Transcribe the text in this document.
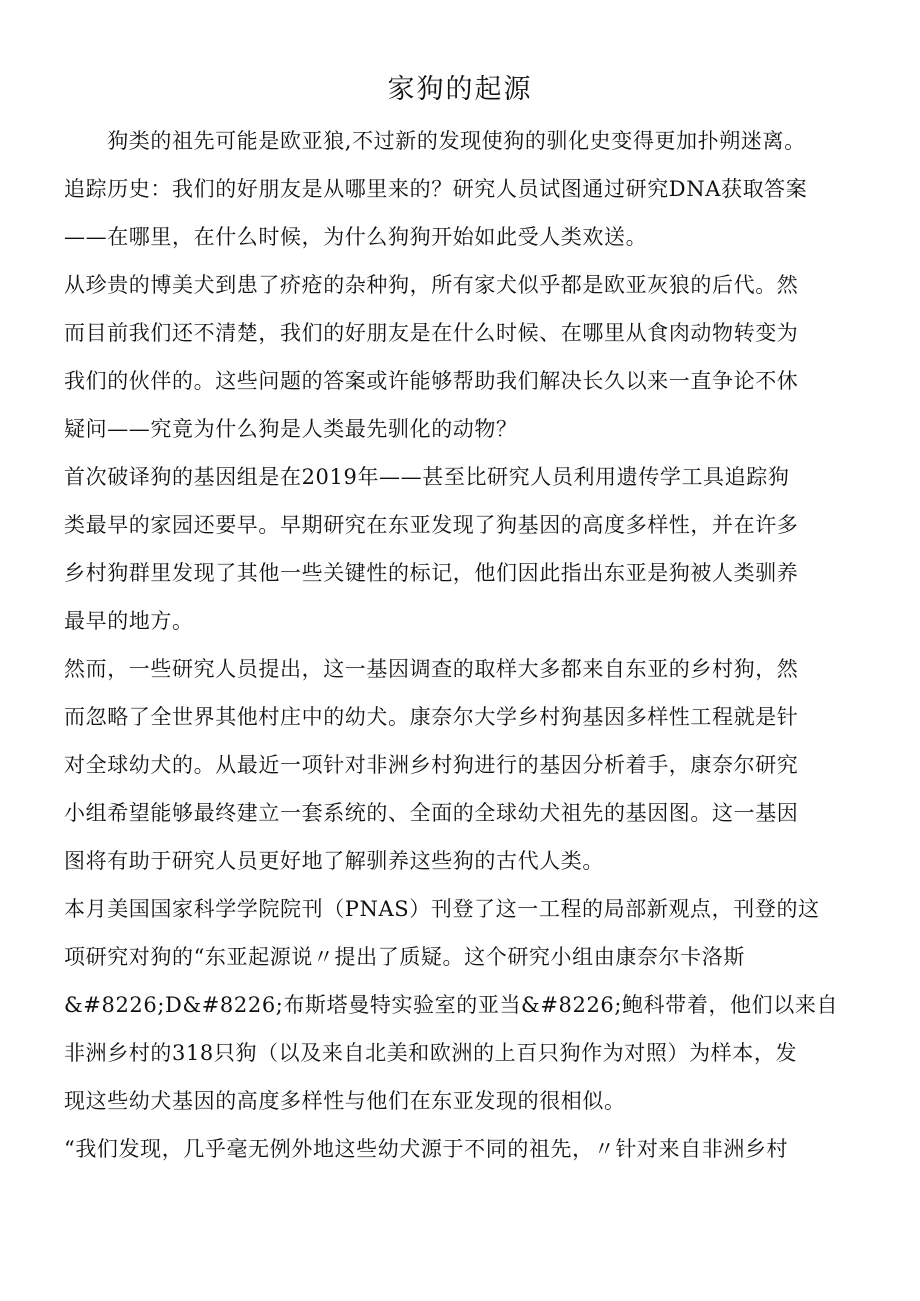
家狗的起源
　　狗类的祖先可能是欧亚狼,不过新的发现使狗的驯化史变得更加扑朔迷离。
追踪历史：我们的好朋友是从哪里来的？研究人员试图通过研究DNA获取答案
——在哪里，在什么时候，为什么狗狗开始如此受人类欢送。
从珍贵的博美犬到患了疥疮的杂种狗，所有家犬似乎都是欧亚灰狼的后代。然
而目前我们还不清楚，我们的好朋友是在什么时候、在哪里从食肉动物转变为
我们的伙伴的。这些问题的答案或许能够帮助我们解决长久以来一直争论不休
疑问——究竟为什么狗是人类最先驯化的动物？
首次破译狗的基因组是在2019年——甚至比研究人员利用遗传学工具追踪狗
类最早的家园还要早。早期研究在东亚发现了狗基因的高度多样性，并在许多
乡村狗群里发现了其他一些关键性的标记，他们因此指出东亚是狗被人类驯养
最早的地方。
然而，一些研究人员提出，这一基因调查的取样大多都来自东亚的乡村狗，然
而忽略了全世界其他村庄中的幼犬。康奈尔大学乡村狗基因多样性工程就是针
对全球幼犬的。从最近一项针对非洲乡村狗进行的基因分析着手，康奈尔研究
小组希望能够最终建立一套系统的、全面的全球幼犬祖先的基因图。这一基因
图将有助于研究人员更好地了解驯养这些狗的古代人类。
本月美国国家科学学院院刊（PNAS）刊登了这一工程的局部新观点，刊登的这
项研究对狗的“东亚起源说〃提出了质疑。这个研究小组由康奈尔卡洛斯
&#8226;D&#8226;布斯塔曼特实验室的亚当&#8226;鲍科带着，他们以来自
非洲乡村的318只狗（以及来自北美和欧洲的上百只狗作为对照）为样本，发
现这些幼犬基因的高度多样性与他们在东亚发现的很相似。
“我们发现，几乎毫无例外地这些幼犬源于不同的祖先，〃针对来自非洲乡村
